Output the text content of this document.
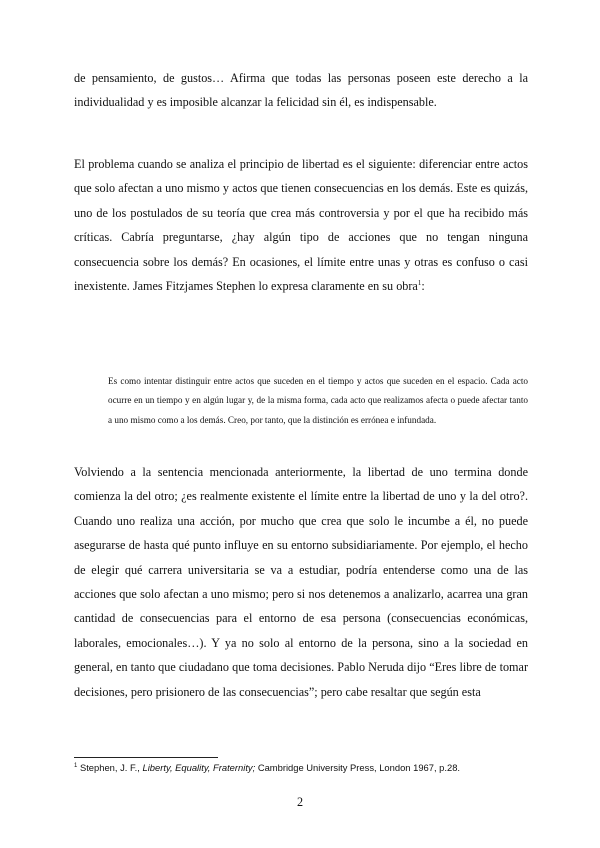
de pensamiento, de gustos… Afirma que todas las personas poseen este derecho a la individualidad y es imposible alcanzar la felicidad sin él, es indispensable.

El problema cuando se analiza el principio de libertad es el siguiente: diferenciar entre actos que solo afectan a uno mismo y actos que tienen consecuencias en los demás. Este es quizás, uno de los postulados de su teoría que crea más controversia y por el que ha recibido más críticas. Cabría preguntarse, ¿hay algún tipo de acciones que no tengan ninguna consecuencia sobre los demás? En ocasiones, el límite entre unas y otras es confuso o casi inexistente. James Fitzjames Stephen lo expresa claramente en su obra$^1$:

Es como intentar distinguir entre actos que suceden en el tiempo y actos que suceden en el espacio. Cada acto ocurre en un tiempo y en algún lugar y, de la misma forma, cada acto que realizamos afecta o puede afectar tanto a uno mismo como a los demás. Creo, por tanto, que la distinción es errónea e infundada.

Volviendo a la sentencia mencionada anteriormente, la libertad de uno termina donde comienza la del otro; ¿es realmente existente el límite entre la libertad de uno y la del otro?. Cuando uno realiza una acción, por mucho que crea que solo le incumbe a él, no puede asegurarse de hasta qué punto influye en su entorno subsidiariamente. Por ejemplo, el hecho de elegir qué carrera universitaria se va a estudiar, podría entenderse como una de las acciones que solo afectan a uno mismo; pero si nos detenemos a analizarlo, acarrea una gran cantidad de consecuencias para el entorno de esa persona (consecuencias económicas, laborales, emocionales…). Y ya no solo al entorno de la persona, sino a la sociedad en general, en tanto que ciudadano que toma decisiones. Pablo Neruda dijo “Eres libre de tomar decisiones, pero prisionero de las consecuencias”; pero cabe resaltar que según esta

$^1$ Stephen, J. F., Liberty, Equality, Fraternity; Cambridge University Press, London 1967, p.28.

2
